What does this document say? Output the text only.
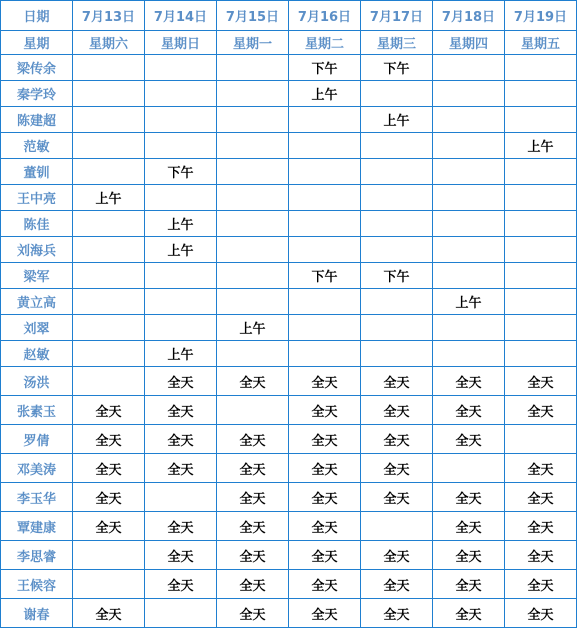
日期	7月13日	7月14日	7月15日	7月16日	7月17日	7月18日	7月19日
星期	星期六	星期日	星期一	星期二	星期三	星期四	星期五
梁传余				下午	下午		
秦学玲				上午			
陈建超					上午		
范敏							上午
董钏		下午					
王中亮	上午						
陈佳		上午					
刘海兵		上午					
梁军				下午	下午		
黄立高						上午	
刘翠			上午				
赵敏		上午					
汤洪		全天	全天	全天	全天	全天	全天
张素玉	全天	全天		全天	全天	全天	全天
罗倩	全天	全天	全天	全天	全天	全天	
邓美涛	全天	全天	全天	全天	全天		全天
李玉华	全天		全天	全天	全天	全天	全天
覃建康	全天	全天	全天	全天		全天	全天
李思睿		全天	全天	全天	全天	全天	全天
王候容		全天	全天	全天	全天	全天	全天
谢春	全天		全天	全天	全天	全天	全天
